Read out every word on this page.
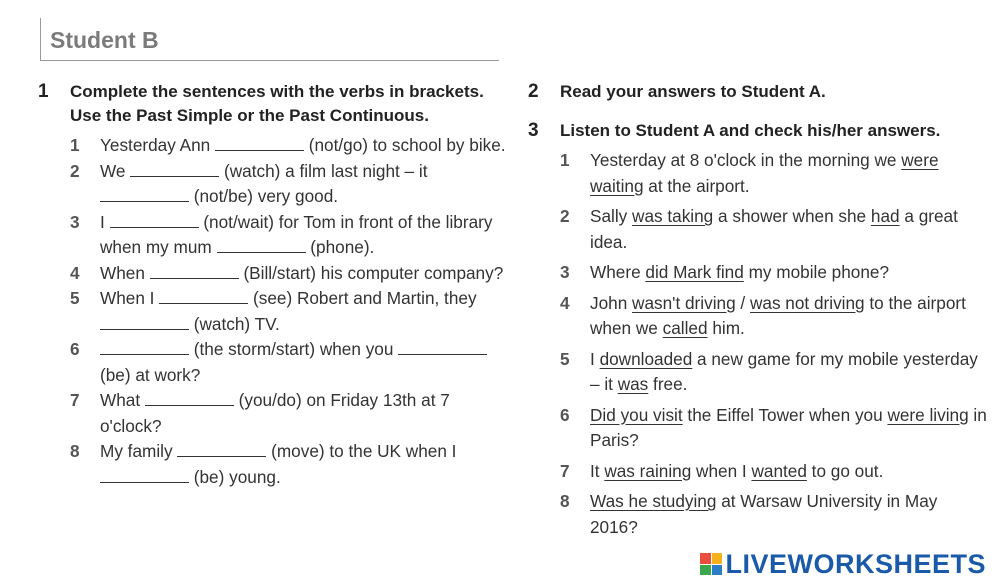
Student B
1 Complete the sentences with the verbs in brackets. Use the Past Simple or the Past Continuous.
1 Yesterday Ann	(not/go) to school by bike.
2 We	(watch) a film last night – it  (not/be) very good.
3 I	(not/wait) for Tom in front of the library when my mum	(phone).
4 When	(Bill/start) his computer company?
5 When I	(see) Robert and Martin, they  (watch) TV.
6	(the storm/start) when you  (be) at work?
7 What	(you/do) on Friday 13th at 7 o'clock?
8 My family	(move) to the UK when I  (be) young.
2 Read your answers to Student A.
3 Listen to Student A and check his/her answers.
1 Yesterday at 8 o'clock in the morning we were waiting at the airport.
2 Sally was taking a shower when she had a great idea.
3 Where did Mark find my mobile phone?
4 John wasn't driving / was not driving to the airport when we called him.
5 I downloaded a new game for my mobile yesterday – it was free.
6 Did you visit the Eiffel Tower when you were living in Paris?
7 It was raining when I wanted to go out.
8 Was he studying at Warsaw University in May 2016?
LIVEWORKSHEETS
